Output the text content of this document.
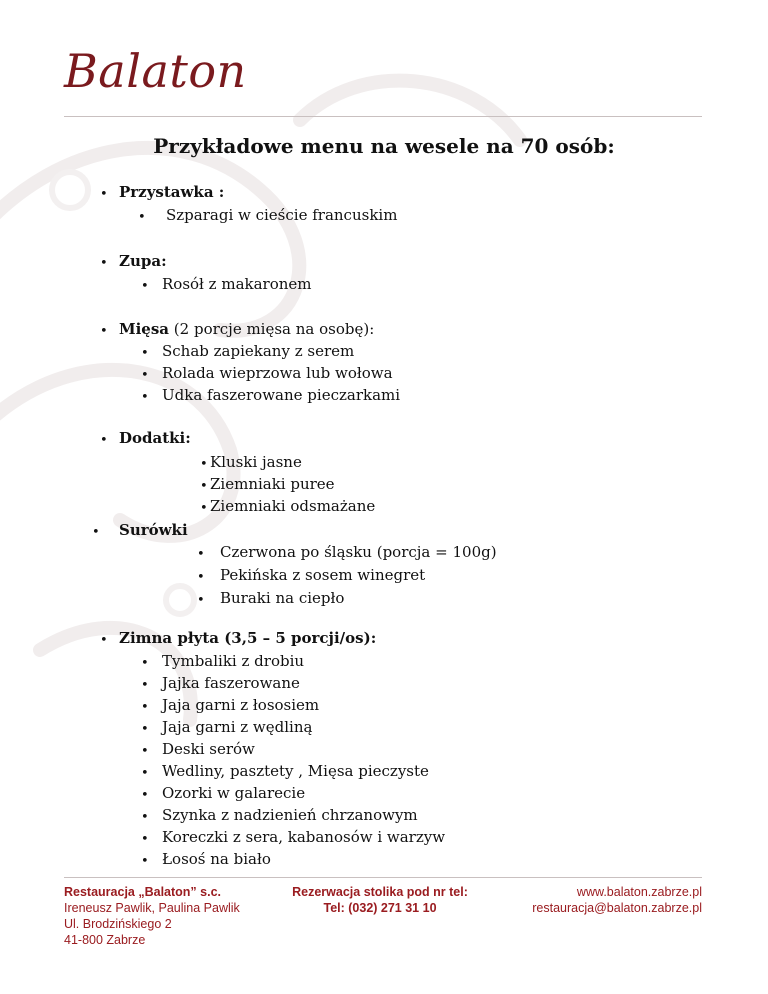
Balaton
Przykładowe menu na wesele na 70 osób:
• Przystawka :
• Szparagi w cieście francuskim
• Zupa:
• Rosół z makaronem
• Mięsa (2 porcje mięsa na osobę):
• Schab zapiekany z serem
• Rolada wieprzowa lub wołowa
• Udka faszerowane pieczarkami
• Dodatki:
• Kluski jasne
• Ziemniaki puree
• Ziemniaki odsmażane
• Surówki
• Czerwona po śląsku (porcja = 100g)
• Pekińska z sosem winegret
• Buraki na ciepło
• Zimna płyta (3,5 – 5 porcji/os):
• Tymbaliki z drobiu
• Jajka faszerowane
• Jaja garni z łososiem
• Jaja garni z wędliną
• Deski serów
• Wedliny, pasztety , Mięsa pieczyste
• Ozorki w galarecie
• Szynka z nadzienień chrzanowym
• Koreczki z sera, kabanosów i warzyw
• Łosoś na biało
Restauracja „Balaton” s.c.
Ireneusz Pawlik, Paulina Pawlik
Ul. Brodzińskiego 2
41-800 Zabrze
Rezerwacja stolika pod nr tel:
Tel: (032) 271 31 10
www.balaton.zabrze.pl
restauracja@balaton.zabrze.pl
